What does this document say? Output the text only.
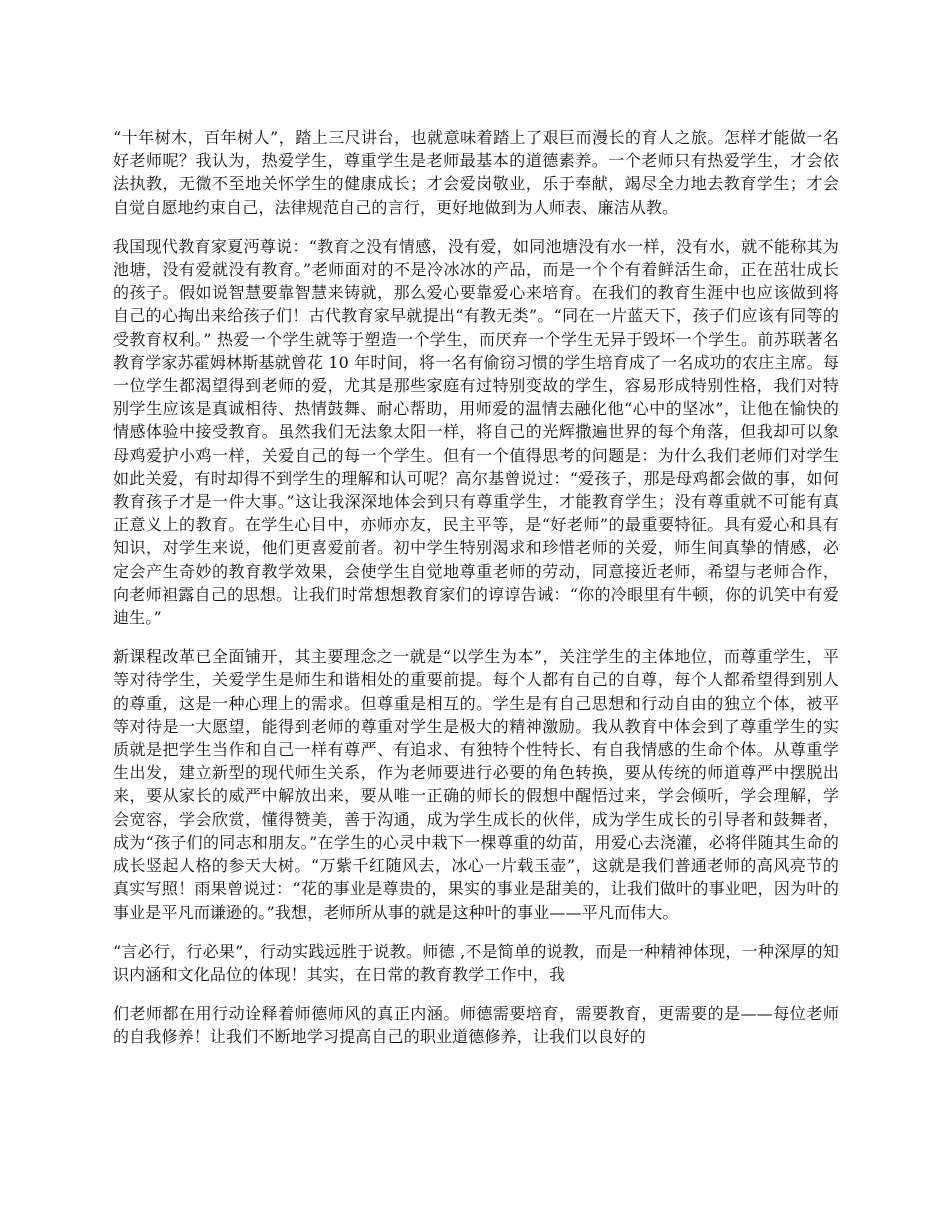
“十年树木，百年树人”，踏上三尺讲台，也就意味着踏上了艰巨而漫长的育人之旅。怎样才能做一名好老师呢？我认为，热爱学生，尊重学生是老师最基本的道德素养。一个老师只有热爱学生，才会依法执教，无微不至地关怀学生的健康成长；才会爱岗敬业，乐于奉献，竭尽全力地去教育学生；才会自觉自愿地约束自己，法律规范自己的言行，更好地做到为人师表、廉洁从教。

我国现代教育家夏沔尊说：“教育之没有情感，没有爱，如同池塘没有水一样，没有水，就不能称其为池塘，没有爱就没有教育。”老师面对的不是冷冰冰的产品，而是一个个有着鲜活生命，正在茁壮成长的孩子。假如说智慧要靠智慧来铸就，那么爱心要靠爱心来培育。在我们的教育生涯中也应该做到将自己的心掏出来给孩子们！古代教育家早就提出“有教无类”。“同在一片蓝天下，孩子们应该有同等的受教育权利。” 热爱一个学生就等于塑造一个学生，而厌弃一个学生无异于毁坏一个学生。前苏联著名教育学家苏霍姆林斯基就曾花 10 年时间，将一名有偷窃习惯的学生培育成了一名成功的农庄主席。每一位学生都渴望得到老师的爱，尤其是那些家庭有过特别变故的学生，容易形成特别性格，我们对特别学生应该是真诚相待、热情鼓舞、耐心帮助，用师爱的温情去融化他“心中的坚冰”，让他在愉快的情感体验中接受教育。虽然我们无法象太阳一样，将自己的光辉撒遍世界的每个角落，但我却可以象母鸡爱护小鸡一样，关爱自己的每一个学生。但有一个值得思考的问题是：为什么我们老师们对学生如此关爱，有时却得不到学生的理解和认可呢？高尔基曾说过：“爱孩子，那是母鸡都会做的事，如何教育孩子才是一件大事。”这让我深深地体会到只有尊重学生，才能教育学生；没有尊重就不可能有真正意义上的教育。在学生心目中，亦师亦友，民主平等，是“好老师”的最重要特征。具有爱心和具有知识，对学生来说，他们更喜爱前者。初中学生特别渴求和珍惜老师的关爱，师生间真挚的情感，必定会产生奇妙的教育教学效果，会使学生自觉地尊重老师的劳动，同意接近老师，希望与老师合作，向老师袒露自己的思想。让我们时常想想教育家们的谆谆告诫：“你的冷眼里有牛顿，你的讥笑中有爱迪生。”

新课程改革已全面铺开，其主要理念之一就是“以学生为本”，关注学生的主体地位，而尊重学生，平等对待学生，关爱学生是师生和谐相处的重要前提。每个人都有自己的自尊，每个人都希望得到别人的尊重，这是一种心理上的需求。但尊重是相互的。学生是有自己思想和行动自由的独立个体，被平等对待是一大愿望，能得到老师的尊重对学生是极大的精神激励。我从教育中体会到了尊重学生的实质就是把学生当作和自己一样有尊严、有追求、有独特个性特长、有自我情感的生命个体。从尊重学生出发，建立新型的现代师生关系，作为老师要进行必要的角色转换，要从传统的师道尊严中摆脱出来，要从家长的威严中解放出来，要从唯一正确的师长的假想中醒悟过来，学会倾听，学会理解，学会宽容，学会欣赏，懂得赞美，善于沟通，成为学生成长的伙伴，成为学生成长的引导者和鼓舞者，成为“孩子们的同志和朋友。”在学生的心灵中栽下一棵尊重的幼苗，用爱心去浇灌，必将伴随其生命的成长竖起人格的参天大树。“万紫千红随风去，冰心一片载玉壶”，这就是我们普通老师的高风亮节的真实写照！雨果曾说过：“花的事业是尊贵的，果实的事业是甜美的，让我们做叶的事业吧，因为叶的事业是平凡而谦逊的。”我想，老师所从事的就是这种叶的事业——平凡而伟大。

“言必行，行必果”，行动实践远胜于说教。师德 ,不是简单的说教，而是一种精神体现，一种深厚的知识内涵和文化品位的体现！其实，在日常的教育教学工作中，我

们老师都在用行动诠释着师德师风的真正内涵。师德需要培育，需要教育，更需要的是——每位老师的自我修养！让我们不断地学习提高自己的职业道德修养，让我们以良好的
